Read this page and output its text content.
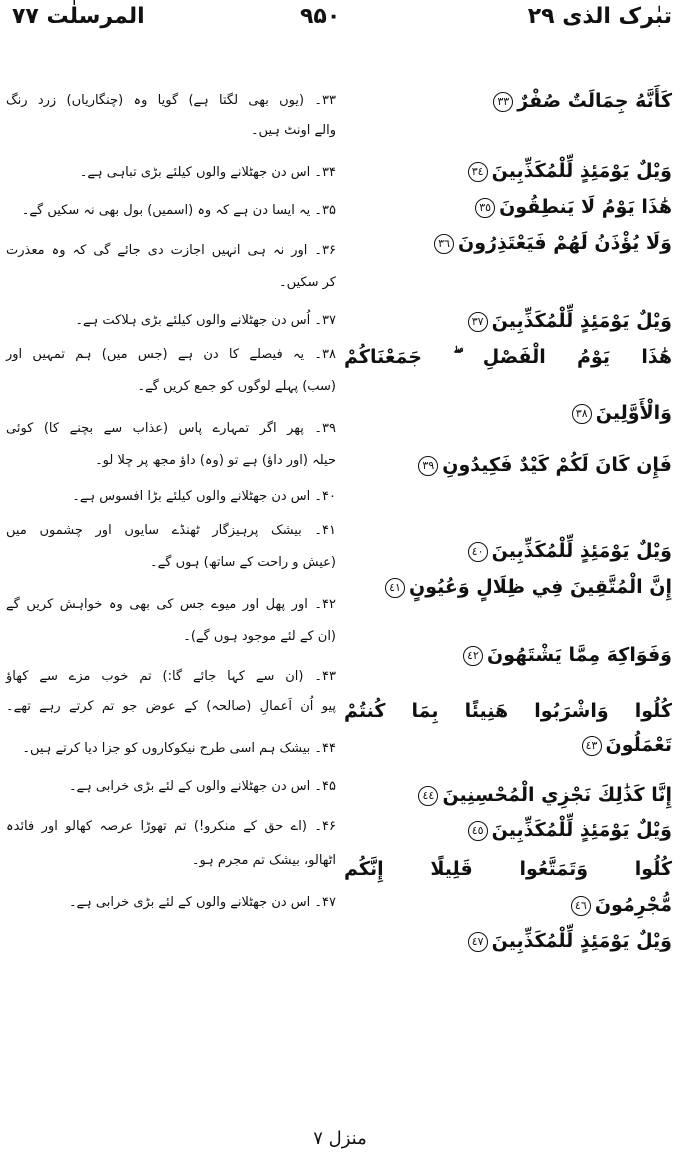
تبٰرک الذی ۲۹
۹۵۰
المرسلٰت ۷۷
كَأَنَّهُ جِمَالَتٌ صُفْرٌ٣٣
وَيْلٌ يَوْمَئِذٍ لِّلْمُكَذِّبِينَ٣٤
هَٰذَا يَوْمُ لَا يَنطِقُونَ٣٥
وَلَا يُؤْذَنُ لَهُمْ فَيَعْتَذِرُونَ٣٦
وَيْلٌ يَوْمَئِذٍ لِّلْمُكَذِّبِينَ٣٧
هَٰذَا يَوْمُ الْفَصْلِ ۖ جَمَعْنَاكُمْ
وَالْأَوَّلِينَ٣٨
فَإِن كَانَ لَكُمْ كَيْدٌ فَكِيدُونِ٣٩
وَيْلٌ يَوْمَئِذٍ لِّلْمُكَذِّبِينَ٤٠
إِنَّ الْمُتَّقِينَ فِي ظِلَالٍ وَعُيُونٍ٤١
وَفَوَاكِهَ مِمَّا يَشْتَهُونَ٤٢
كُلُوا وَاشْرَبُوا هَنِيئًا بِمَا كُنتُمْ
تَعْمَلُونَ٤٣
إِنَّا كَذَٰلِكَ نَجْزِي الْمُحْسِنِينَ٤٤
وَيْلٌ يَوْمَئِذٍ لِّلْمُكَذِّبِينَ٤٥
كُلُوا وَتَمَتَّعُوا قَلِيلًا إِنَّكُم
مُّجْرِمُونَ٤٦
وَيْلٌ يَوْمَئِذٍ لِّلْمُكَذِّبِينَ٤٧
۳۳۔ (یوں بھی لگتا ہے) گویا وہ (چنگاریاں) زرد رنگ
والے اونٹ ہیں۔
۳۴۔ اس دن جھٹلانے والوں کیلئے بڑی تباہی ہے۔
۳۵۔ یہ ایسا دن ہے کہ وہ (اسمیں) بول بھی نہ سکیں گے۔
۳۶۔ اور نہ ہی انہیں اجازت دی جائے گی کہ وہ معذرت
کر سکیں۔
۳۷۔ اُس دن جھٹلانے والوں کیلئے بڑی ہلاکت ہے۔
۳۸۔ یہ فیصلے کا دن ہے (جس میں) ہم تمہیں اور
(سب) پہلے لوگوں کو جمع کریں گے۔
۳۹۔ پھر اگر تمہارے پاس (عذاب سے بچنے کا) کوئی
حیلہ (اور داؤ) ہے تو (وہ) داؤ مجھ پر چلا لو۔
۴۰۔ اس دن جھٹلانے والوں کیلئے بڑا افسوس ہے۔
۴۱۔ بیشک پرہیزگار ٹھنڈے سایوں اور چشموں میں
(عیش و راحت کے ساتھ) ہوں گے۔
۴۲۔ اور پھل اور میوے جس کی بھی وہ خواہش کریں گے
(ان کے لئے موجود ہوں گے)۔
۴۳۔ (ان سے کہا جائے گا:) تم خوب مزے سے کھاؤ
پیو اُن اَعمالِ (صالحہ) کے عوض جو تم کرتے رہے تھے۔
۴۴۔ بیشک ہم اسی طرح نیکوکاروں کو جزا دیا کرتے ہیں۔
۴۵۔ اس دن جھٹلانے والوں کے لئے بڑی خرابی ہے۔
۴۶۔ (اے حق کے منکرو!) تم تھوڑا عرصہ کھالو اور فائدہ
اٹھالو، بیشک تم مجرم ہو۔
۴۷۔ اس دن جھٹلانے والوں کے لئے بڑی خرابی ہے۔
منزل ۷
